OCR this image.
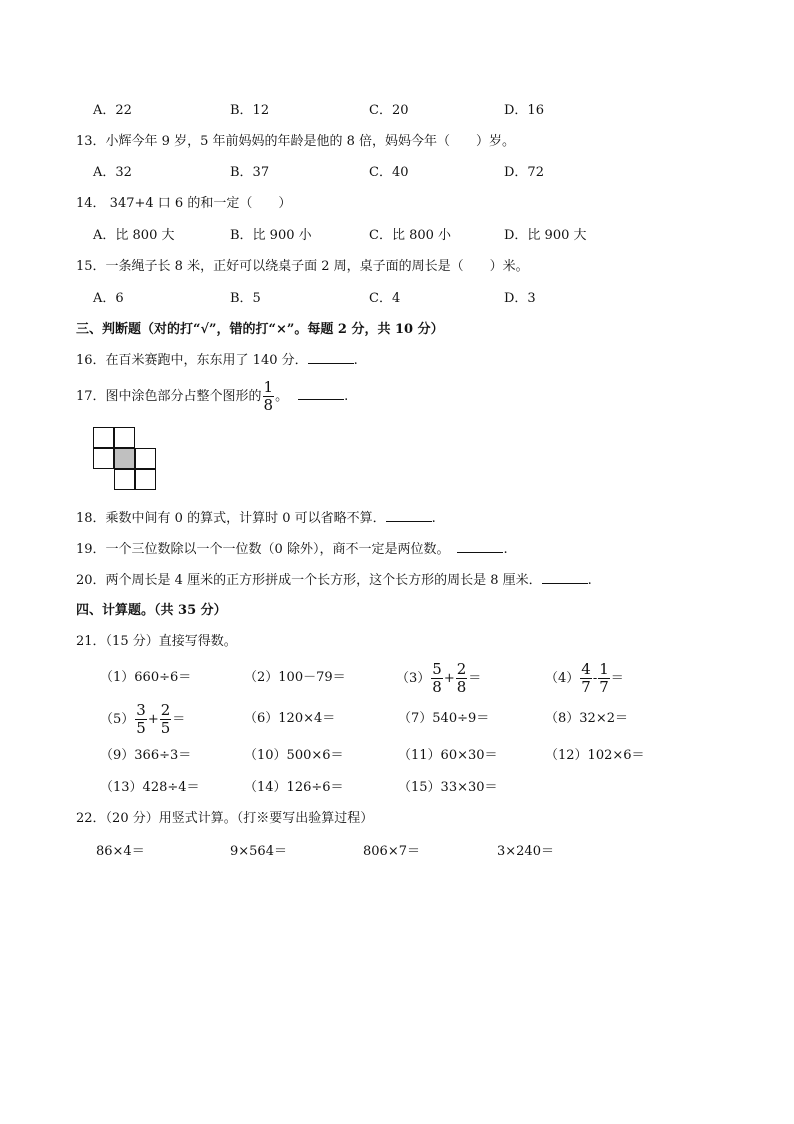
A．22	B．12	C．20	D．16
13．小辉今年 9 岁，5 年前妈妈的年龄是他的 8 倍，妈妈今年（　　）岁。
A．32	B．37	C．40	D．72
14． 347+4 口 6 的和一定（　　）
A．比 800 大	B．比 900 小	C．比 800 小	D．比 900 大
15．一条绳子长 8 米，正好可以绕桌子面 2 周，桌子面的周长是（　　）米。
A．6	B．5	C．4	D．3
三、判断题（对的打“√”，错的打“×”。每题 2 分，共 10 分）
16．在百米赛跑中，东东用了 140 分．	.
17．图中涂色部分占整个图形的 $\frac{1}{8}$ 。	.
18．乘数中间有 0 的算式，计算时 0 可以省略不算．	.
19．一个三位数除以一个一位数（0 除外），商不一定是两位数。	.
20．两个周长是 4 厘米的正方形拼成一个长方形，这个长方形的周长是 8 厘米．	.
四、计算题。（共 35 分）
21．（15 分）直接写得数。
（1）660÷6＝	（2）100－79＝	$(3) \frac{5}{8} + \frac{2}{8}$ ＝	$(4) \frac{4}{7} - \frac{1}{7}$ ＝
$(5) \frac{3}{5} + \frac{2}{5}$ ＝	（6）120×4＝	（7）540÷9＝	（8）32×2＝
（9）366÷3＝	（10）500×6＝	（11）60×30＝	（12）102×6＝
（13）428÷4＝	（14）126÷6＝	（15）33×30＝
22．（20 分）用竖式计算。（打※要写出验算过程）
86×4＝	9×564＝	806×7＝	3×240＝
